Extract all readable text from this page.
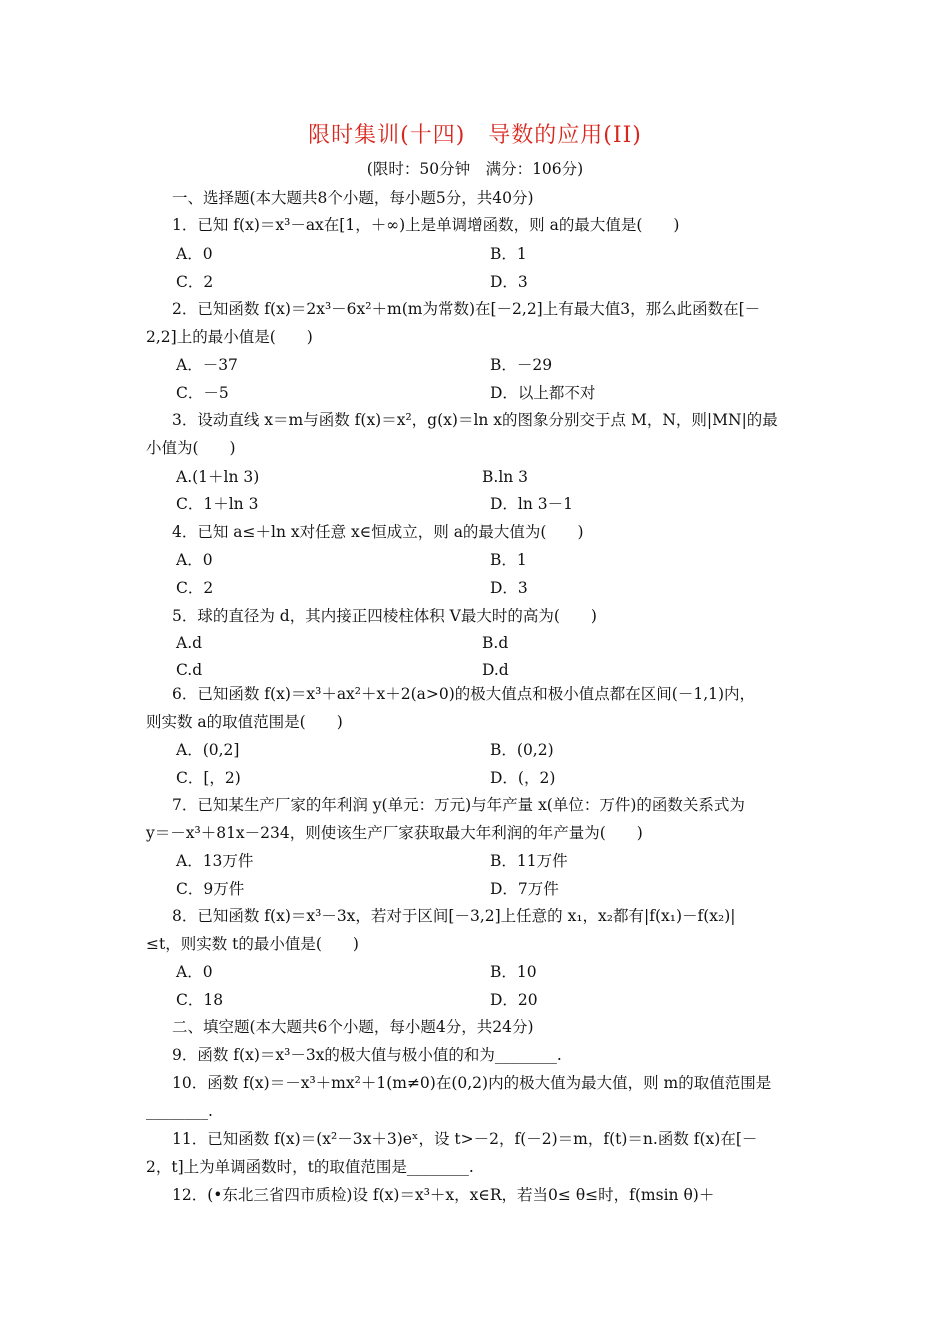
限时集训(十四)　导数的应用(II)
(限时：50分钟　满分：106分)
一、选择题(本大题共8个小题，每小题5分，共40分)
1．已知 f(x)＝x³－ax在[1，＋∞)上是单调增函数，则 a的最大值是(　　)
A．0	B．1
C．2	D．3
2．已知函数 f(x)＝2x³－6x²＋m(m为常数)在[－2,2]上有最大值3，那么此函数在[－
2,2]上的最小值是(　　)
A．－37	B．－29
C．－5	D．以上都不对
3．设动直线 x＝m与函数 f(x)＝x²，g(x)＝ln x的图象分别交于点 M，N，则|MN|的最
小值为(　　)
A.(1＋ln 3)	B.ln 3
C．1＋ln 3	D．ln 3－1
4．已知 a≤＋ln x对任意 x∈恒成立，则 a的最大值为(　　)
A．0	B．1
C．2	D．3
5．球的直径为 d，其内接正四棱柱体积 V最大时的高为(　　)
A.d	B.d
C.d	D.d
6．已知函数 f(x)＝x³＋ax²＋x＋2(a>0)的极大值点和极小值点都在区间(－1,1)内，
则实数 a的取值范围是(　　)
A．(0,2]	B．(0,2)
C．[，2)	D．(，2)
7．已知某生产厂家的年利润 y(单元：万元)与年产量 x(单位：万件)的函数关系式为
y＝－x³＋81x－234，则使该生产厂家获取最大年利润的年产量为(　　)
A．13万件	B．11万件
C．9万件	D．7万件
8．已知函数 f(x)＝x³－3x，若对于区间[－3,2]上任意的 x₁，x₂都有|f(x₁)－f(x₂)|
≤t，则实数 t的最小值是(　　)
A．0	B．10
C．18	D．20
二、填空题(本大题共6个小题，每小题4分，共24分)
9．函数 f(x)＝x³－3x的极大值与极小值的和为________.
10．函数 f(x)＝－x³＋mx²＋1(m≠0)在(0,2)内的极大值为最大值，则 m的取值范围是
________.
11．已知函数 f(x)＝(x²－3x＋3)eˣ，设 t>－2，f(－2)＝m，f(t)＝n.函数 f(x)在[－
2，t]上为单调函数时，t的取值范围是________.
12．(•东北三省四市质检)设 f(x)＝x³＋x，x∈R，若当0≤ θ≤时，f(msin θ)＋
